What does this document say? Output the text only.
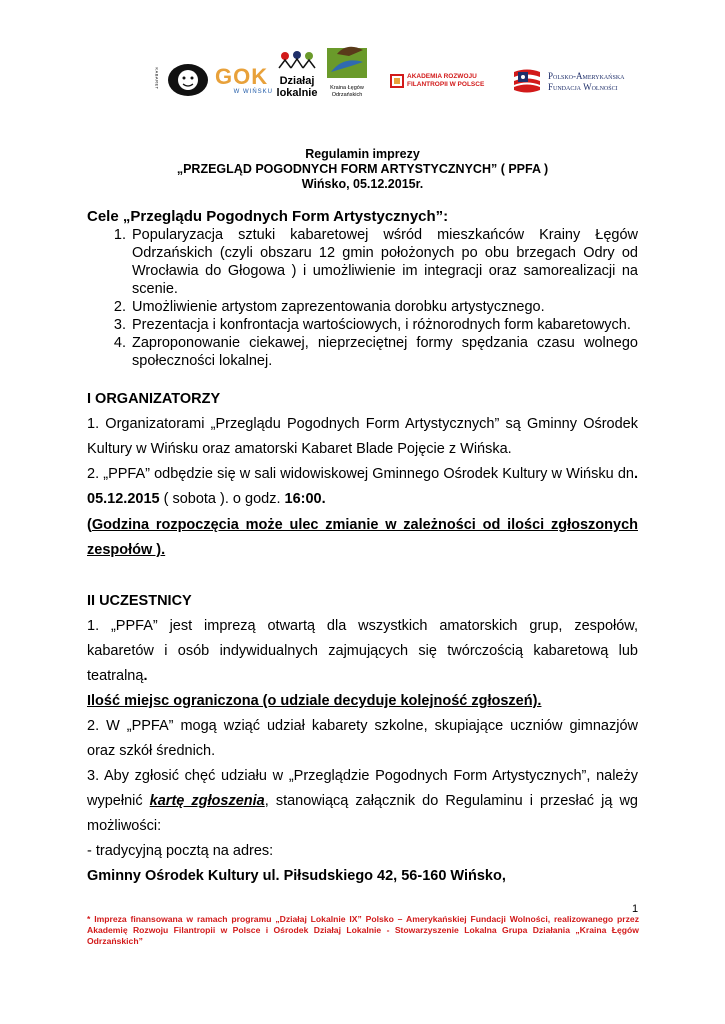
KABARET	GOK
W WIŃSKU
Działaj
lokalnie	Kraina Łęgów
Odrzańskich
AKADEMIA ROZWOJU
FILANTROPII W POLSCE
Polsko-Amerykańska
Fundacja Wolności
Regulamin imprezy
„PRZEGLĄD POGODNYCH FORM ARTYSTYCZNYCH” ( PPFA )
Wińsko, 05.12.2015r.

Cele „Przeglądu Pogodnych Form Artystycznych”:

1. Popularyzacja sztuki kabaretowej wśród mieszkańców Krainy Łęgów Odrzańskich (czyli obszaru 12 gmin położonych po obu brzegach Odry od Wrocławia do Głogowa ) i umożliwienie im integracji oraz samorealizacji na scenie.
2. Umożliwienie artystom zaprezentowania dorobku artystycznego.
3. Prezentacja i konfrontacja wartościowych, i różnorodnych form kabaretowych.
4. Zaproponowanie ciekawej, nieprzeciętnej formy spędzania czasu wolnego społeczności lokalnej.

I ORGANIZATORZY

1. Organizatorami „Przeglądu Pogodnych Form Artystycznych” są Gminny Ośrodek Kultury w Wińsku oraz amatorski Kabaret Blade Pojęcie z Wińska.

2. „PPFA” odbędzie się w sali widowiskowej Gminnego Ośrodek Kultury w Wińsku dn. 05.12.2015 ( sobota ). o godz. 16:00.

(Godzina rozpoczęcia może ulec zmianie w zależności od ilości zgłoszonych zespołów ).

II UCZESTNICY

1. „PPFA” jest imprezą otwartą dla wszystkich amatorskich grup, zespołów, kabaretów i osób indywidualnych zajmujących się twórczością kabaretową lub teatralną.

Ilość miejsc ograniczona (o udziale decyduje kolejność zgłoszeń).

2. W „PPFA” mogą wziąć udział kabarety szkolne, skupiające uczniów gimnazjów oraz szkół średnich.

3. Aby zgłosić chęć udziału w „Przeglądzie Pogodnych Form Artystycznych”, należy wypełnić kartę zgłoszenia, stanowiącą załącznik do Regulaminu i przesłać ją wg możliwości:

- tradycyjną pocztą na adres:

Gminny Ośrodek Kultury ul. Piłsudskiego 42, 56-160 Wińsko,

1
* Impreza finansowana w ramach programu „Działaj Lokalnie IX” Polsko – Amerykańskiej Fundacji Wolności, realizowanego przez Akademię Rozwoju Filantropii w Polsce i Ośrodek Działaj Lokalnie - Stowarzyszenie Lokalna Grupa Działania „Kraina Łęgów Odrzańskich”
